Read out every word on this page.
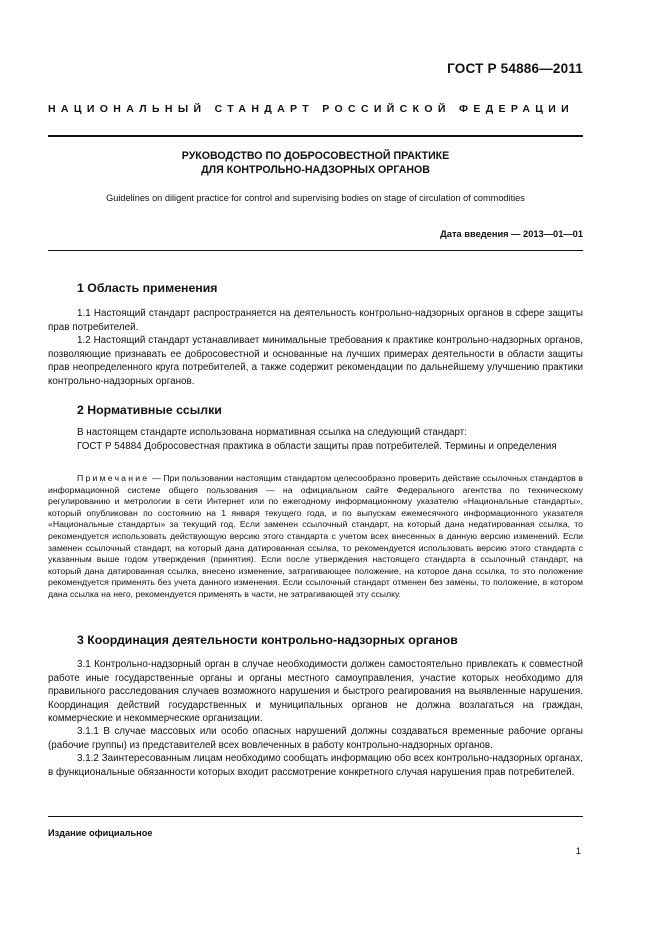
ГОСТ Р 54886—2011
НАЦИОНАЛЬНЫЙ СТАНДАРТ РОССИЙСКОЙ ФЕДЕРАЦИИ
РУКОВОДСТВО ПО ДОБРОСОВЕСТНОЙ ПРАКТИКЕ
ДЛЯ КОНТРОЛЬНО-НАДЗОРНЫХ ОРГАНОВ
Guidelines on diligent practice for control and supervising bodies on stage of circulation of commodities
Дата введения — 2013—01—01
1 Область применения
1.1 Настоящий стандарт распространяется на деятельность контрольно-надзорных органов в сфере защиты прав потребителей.
1.2 Настоящий стандарт устанавливает минимальные требования к практике контрольно-надзорных органов, позволяющие признавать ее добросовестной и основанные на лучших примерах деятельности в области защиты прав неопределенного круга потребителей, а также содержит рекомендации по дальнейшему улучшению практики контрольно-надзорных органов.
2 Нормативные ссылки
В настоящем стандарте использована нормативная ссылка на следующий стандарт:
ГОСТ Р 54884 Добросовестная практика в области защиты прав потребителей. Термины и определения
Примечание — При пользовании настоящим стандартом целесообразно проверить действие ссылочных стандартов в информационной системе общего пользования — на официальном сайте Федерального агентства по техническому регулированию и метрологии в сети Интернет или по ежегодному информационному указателю «Национальные стандарты», который опубликован по состоянию на 1 января текущего года, и по выпускам ежемесячного информационного указателя «Национальные стандарты» за текущий год. Если заменен ссылочный стандарт, на который дана недатированная ссылка, то рекомендуется использовать действующую версию этого стандарта с учетом всех внесенных в данную версию изменений. Если заменен ссылочный стандарт, на который дана датированная ссылка, то рекомендуется использовать версию этого стандарта с указанным выше годом утверждения (принятия). Если после утверждения настоящего стандарта в ссылочный стандарт, на который дана датированная ссылка, внесено изменение, затрагивающее положение, на которое дана ссылка, то это положение рекомендуется применять без учета данного изменения. Если ссылочный стандарт отменен без замены, то положение, в котором дана ссылка на него, рекомендуется применять в части, не затрагивающей эту ссылку.
3 Координация деятельности контрольно-надзорных органов
3.1 Контрольно-надзорный орган в случае необходимости должен самостоятельно привлекать к совместной работе иные государственные органы и органы местного самоуправления, участие которых необходимо для правильного расследования случаев возможного нарушения и быстрого реагирования на выявленные нарушения. Координация действий государственных и муниципальных органов не должна возлагаться на граждан, коммерческие и некоммерческие организации.
3.1.1 В случае массовых или особо опасных нарушений должны создаваться временные рабочие органы (рабочие группы) из представителей всех вовлеченных в работу контрольно-надзорных органов.
3.1.2 Заинтересованным лицам необходимо сообщать информацию обо всех контрольно-надзорных органах, в функциональные обязанности которых входит рассмотрение конкретного случая нарушения прав потребителей.
Издание официальное
1
